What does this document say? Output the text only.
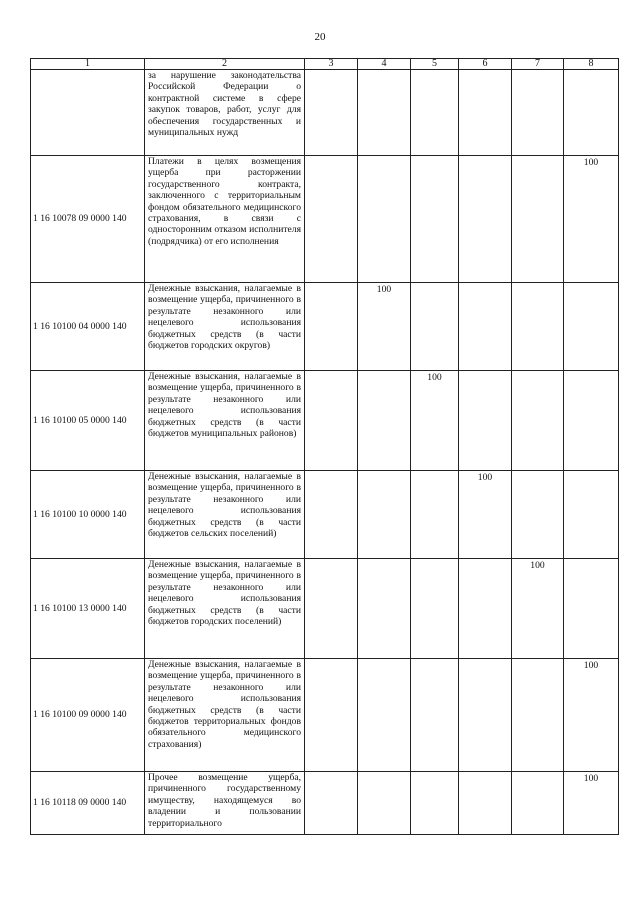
20
1	2	3	4	5	6	7	8
	за нарушение законодательства Российской Федерации о контрактной системе в сфере закупок товаров, работ, услуг для обеспечения государственных и муниципальных нужд						
1 16 10078 09 0000 140	Платежи в целях возмещения ущерба при расторжении государственного контракта, заключенного с территориальным фондом обязательного медицинского страхования, в связи с односторонним отказом исполнителя (подрядчика) от его исполнения						100
1 16 10100 04 0000 140	Денежные взыскания, налагаемые в возмещение ущерба, причиненного в результате незаконного или нецелевого использования бюджетных средств (в части бюджетов городских округов)		100				
1 16 10100 05 0000 140	Денежные взыскания, налагаемые в возмещение ущерба, причиненного в результате незаконного или нецелевого использования бюджетных средств (в части бюджетов муниципальных районов)			100			
1 16 10100 10 0000 140	Денежные взыскания, налагаемые в возмещение ущерба, причиненного в результате незаконного или нецелевого использования бюджетных средств (в части бюджетов сельских поселений)				100		
1 16 10100 13 0000 140	Денежные взыскания, налагаемые в возмещение ущерба, причиненного в результате незаконного или нецелевого использования бюджетных средств (в части бюджетов городских поселений)					100	
1 16 10100 09 0000 140	Денежные взыскания, налагаемые в возмещение ущерба, причиненного в результате незаконного или нецелевого использования бюджетных средств (в части бюджетов территориальных фондов обязательного медицинского страхования)						100
1 16 10118 09 0000 140	Прочее возмещение ущерба, причиненного государственному имуществу, находящемуся во владении и пользовании территориального						100
